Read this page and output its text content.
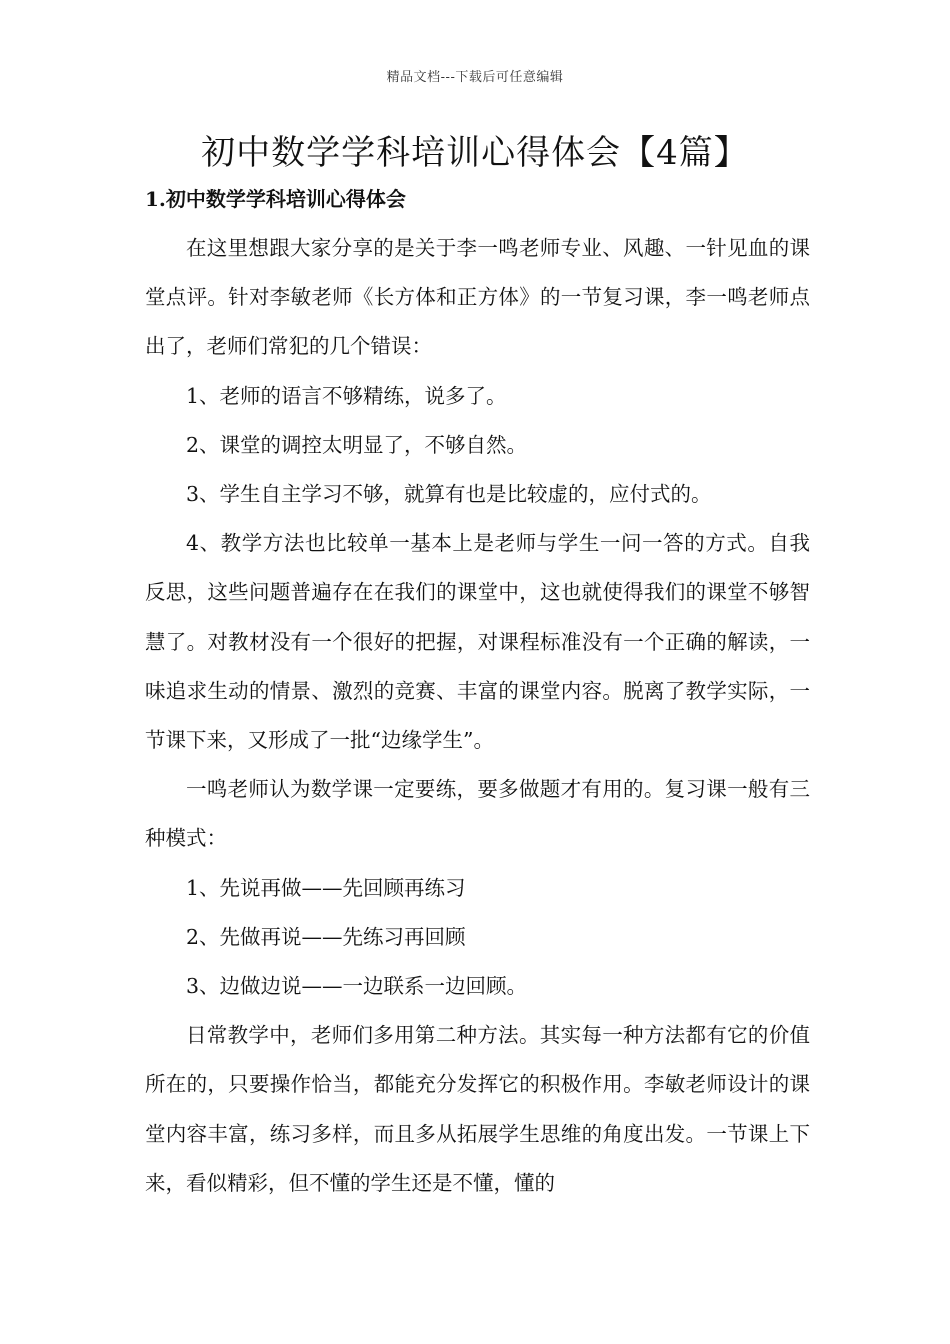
精品文档---下载后可任意编辑
初中数学学科培训心得体会【4篇】
1.初中数学学科培训心得体会

在这里想跟大家分享的是关于李一鸣老师专业、风趣、一针见血的课堂点评。针对李敏老师《长方体和正方体》的一节复习课，李一鸣老师点出了，老师们常犯的几个错误：

1、老师的语言不够精练，说多了。

2、课堂的调控太明显了，不够自然。

3、学生自主学习不够，就算有也是比较虚的，应付式的。

4、教学方法也比较单一基本上是老师与学生一问一答的方式。自我反思，这些问题普遍存在在我们的课堂中，这也就使得我们的课堂不够智慧了。对教材没有一个很好的把握，对课程标准没有一个正确的解读，一味追求生动的情景、激烈的竞赛、丰富的课堂内容。脱离了教学实际，一节课下来，又形成了一批“边缘学生”。

一鸣老师认为数学课一定要练，要多做题才有用的。复习课一般有三种模式：

1、先说再做——先回顾再练习

2、先做再说——先练习再回顾

3、边做边说——一边联系一边回顾。

日常教学中，老师们多用第二种方法。其实每一种方法都有它的价值所在的，只要操作恰当，都能充分发挥它的积极作用。李敏老师设计的课堂内容丰富，练习多样，而且多从拓展学生思维的角度出发。一节课上下来，看似精彩，但不懂的学生还是不懂，懂的
